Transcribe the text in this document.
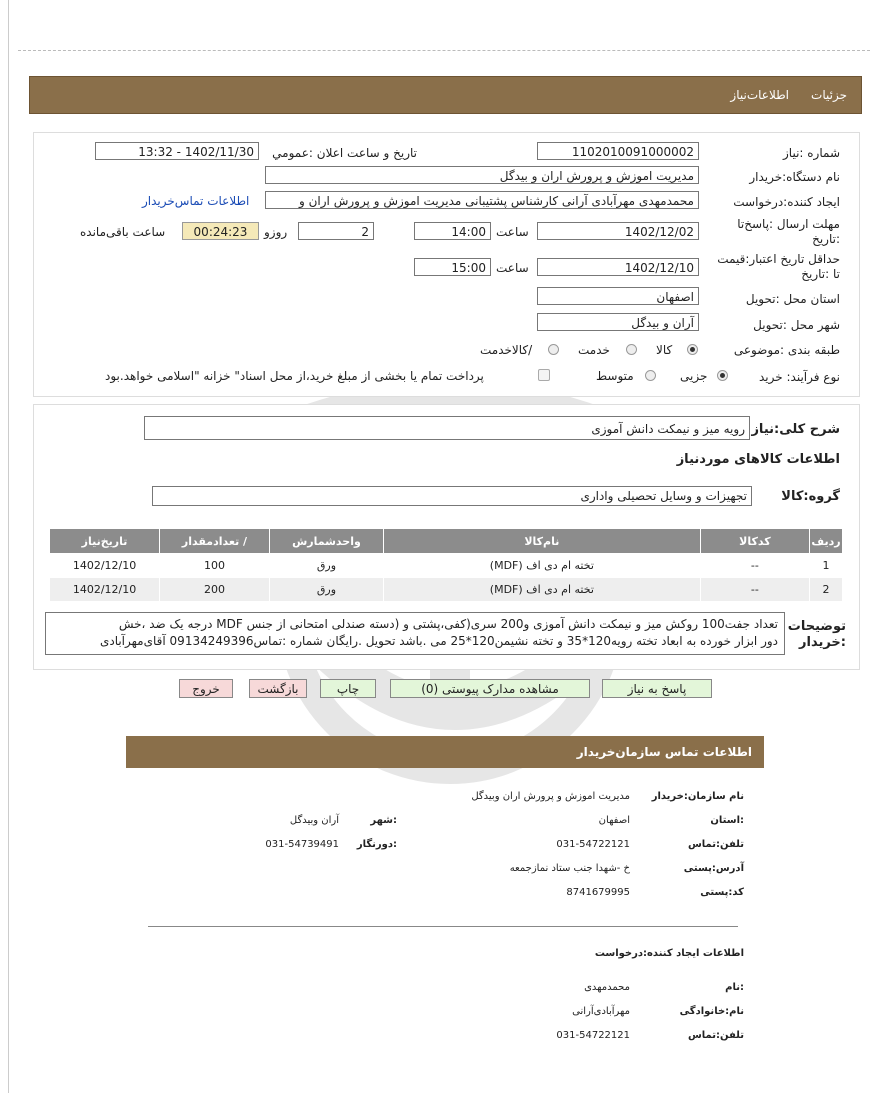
جزئیات
اطلاعات‌نیاز
شماره :نیاز
1102010091000002
تاريخ و ساعت اعلان :عمومي
1402/11/30 - 13:32
نام دستگاه:خریدار
مدیریت اموزش و پرورش اران و بیدگل
ایجاد کننده:درخواست
محمدمهدی مهرآبادی آرانی کارشناس پشتیبانی مدیریت اموزش و پرورش اران و
اطلاعات تماس‌خریدار
مهلت ارسال :پاسخ‌تا :تاریخ
1402/12/02
ساعت
14:00
2
روزو
00:24:23
ساعت باقی‌مانده
حداقل تاریخ اعتبار:قیمت تا :تاریخ
1402/12/10
ساعت
15:00
استان محل :تحویل
اصفهان
شهر محل :تحویل
آران و بیدگل
طبقه بندی :موضوعی
کالا
خدمت
/کالاخدمت
نوع فرآیند: خرید
جزیی
متوسط
پرداخت تمام یا بخشی از مبلغ خرید،از محل اسناد" خزانه "اسلامی خواهد.بود
شرح کلی:نیاز
رویه میز و نیمکت دانش آموزی
اطلاعات کالاهای موردنیاز
گروه:کالا
تجهیزات و وسایل تحصیلی واداری
ردیف	کدکالا	نام‌کالا	واحدشمارش	/ تعدادمقدار	تاریخ‌نیاز
1	--	تخته ام دی اف (MDF)	ورق	100	1402/12/10
2	--	تخته ام دی اف (MDF)	ورق	200	1402/12/10
توضیحات :خریدار
تعداد جفت100 روکش میز و نیمکت دانش آموزی و200 سری(کفی،پشتی و (دسته صندلی امتحانی از جنس MDF درجه یک ضد ،خش
دور ابزار خورده به ابعاد تخته رویه120*35 و تخته نشیمن120*25 می .باشد تحویل .رایگان شماره :تماس09134249396 آقای‌مهرآبادی
پاسخ به نیاز
مشاهده مدارک پیوستی (0)
چاپ
بازگشت
خروج
اطلاعات تماس سازمان‌خریدار
نام سازمان:خریدار
مدیریت اموزش و پرورش اران وبیدگل
:استان
اصفهان
:شهر
آران وبیدگل
تلفن:تماس
031-54722121
:دورنگار
031-54739491
آدرس:پستی
خ -شهدا جنب ستاد نمازجمعه
کد:پستی
8741679995
اطلاعات ایجاد کننده:درخواست
:نام
محمدمهدی
نام:خانوادگی
مهرآبادی‌آرانی
تلفن:تماس
031-54722121
